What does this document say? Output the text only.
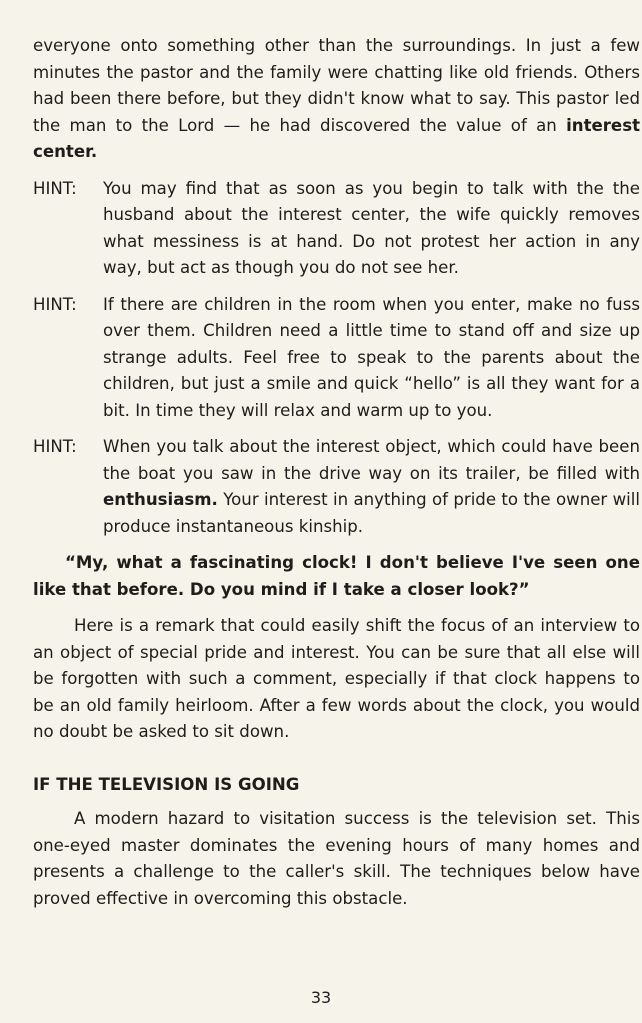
everyone onto something other than the surroundings. In just a few minutes the pastor and the family were chatting like old friends. Others had been there before, but they didn't know what to say. This pastor led the man to the Lord — he had discovered the value of an interest center.

HINT:	You may find that as soon as you begin to talk with the the husband about the interest center, the wife quickly removes what messiness is at hand. Do not protest her action in any way, but act as though you do not see her.
HINT:	If there are children in the room when you enter, make no fuss over them. Children need a little time to stand off and size up strange adults. Feel free to speak to the parents about the children, but just a smile and quick “hello” is all they want for a bit. In time they will relax and warm up to you.
HINT:	When you talk about the interest object, which could have been the boat you saw in the drive way on its trailer, be filled with enthusiasm. Your interest in anything of pride to the owner will produce instantaneous kinship.

“My, what a fascinating clock! I don't believe I've seen one like that before. Do you mind if I take a closer look?”

Here is a remark that could easily shift the focus of an interview to an object of special pride and interest. You can be sure that all else will be forgotten with such a comment, especially if that clock happens to be an old family heirloom. After a few words about the clock, you would no doubt be asked to sit down.

IF THE TELEVISION IS GOING

A modern hazard to visitation success is the television set. This one-eyed master dominates the evening hours of many homes and presents a challenge to the caller's skill. The techniques below have proved effective in overcoming this obstacle.

33
